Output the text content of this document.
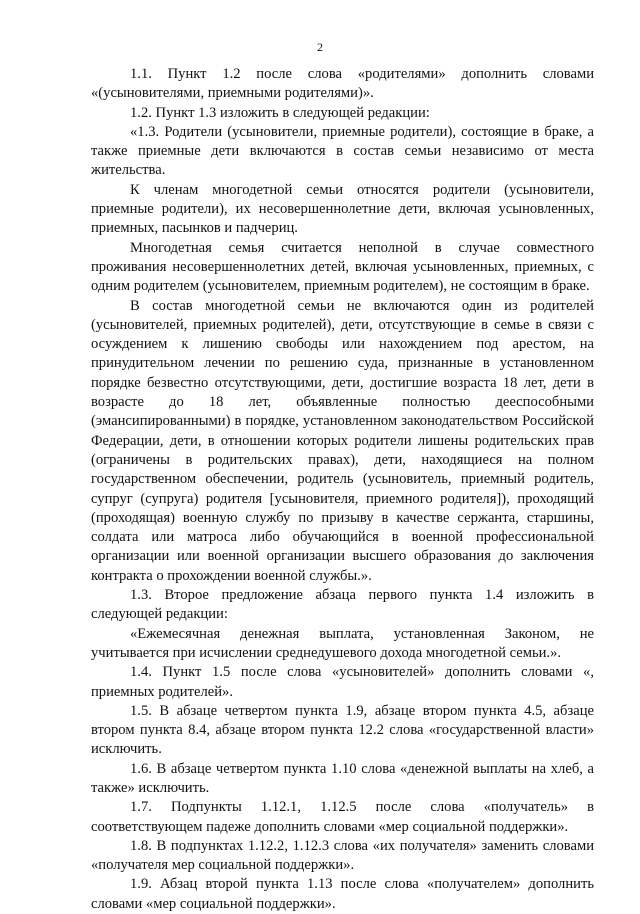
2

1.1. Пункт 1.2 после слова «родителями» дополнить словами «(усыновителями, приемными родителями)».

1.2. Пункт 1.3 изложить в следующей редакции:

«1.3. Родители (усыновители, приемные родители), состоящие в браке, а также приемные дети включаются в состав семьи независимо от места жительства.

К членам многодетной семьи относятся родители (усыновители, приемные родители), их несовершеннолетние дети, включая усыновленных, приемных, пасынков и падчериц.

Многодетная семья считается неполной в случае совместного проживания несовершеннолетних детей, включая усыновленных, приемных, с одним родителем (усыновителем, приемным родителем), не состоящим в браке.

В состав многодетной семьи не включаются один из родителей (усыновителей, приемных родителей), дети, отсутствующие в семье в связи с осуждением к лишению свободы или нахождением под арестом, на принудительном лечении по решению суда, признанные в установленном порядке безвестно отсутствующими, дети, достигшие возраста 18 лет, дети в возрасте до 18 лет, объявленные полностью дееспособными (эмансипированными) в порядке, установленном законодательством Российской Федерации, дети, в отношении которых родители лишены родительских прав (ограничены в родительских правах), дети, находящиеся на полном государственном обеспечении, родитель (усыновитель, приемный родитель, супруг (супруга) родителя [усыновителя, приемного родителя]), проходящий (проходящая) военную службу по призыву в качестве сержанта, старшины, солдата или матроса либо обучающийся в военной профессиональной организации или военной организации высшего образования до заключения контракта о прохождении военной службы.».

1.3. Второе предложение абзаца первого пункта 1.4 изложить в следующей редакции:

«Ежемесячная денежная выплата, установленная Законом, не учитывается при исчислении среднедушевого дохода многодетной семьи.».

1.4. Пункт 1.5 после слова «усыновителей» дополнить словами «, приемных родителей».

1.5. В абзаце четвертом пункта 1.9, абзаце втором пункта 4.5, абзаце втором пункта 8.4, абзаце втором пункта 12.2 слова «государственной власти» исключить.

1.6. В абзаце четвертом пункта 1.10 слова «денежной выплаты на хлеб, а также» исключить.

1.7. Подпункты 1.12.1, 1.12.5 после слова «получатель» в соответствующем падеже дополнить словами «мер социальной поддержки».

1.8. В подпунктах 1.12.2, 1.12.3 слова «их получателя» заменить словами «получателя мер социальной поддержки».

1.9. Абзац второй пункта 1.13 после слова «получателем» дополнить словами «мер социальной поддержки».
